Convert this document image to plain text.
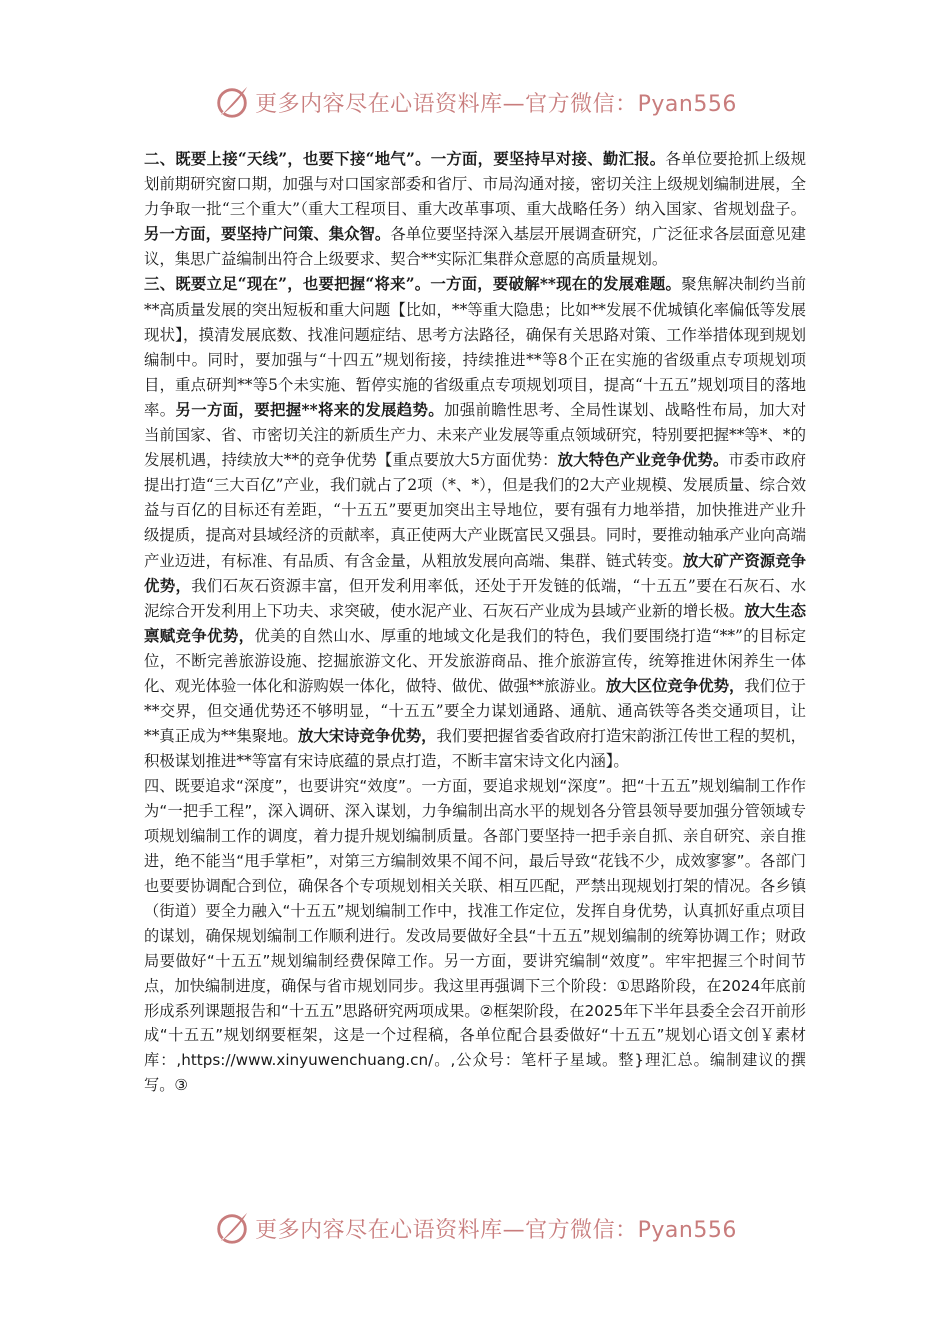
更多内容尽在心语资料库—官方微信：Pyan556

二、既要上接“天线”，也要下接“地气”。一方面，要坚持早对接、勤汇报。各单位要抢抓上级规划前期研究窗口期，加强与对口国家部委和省厅、市局沟通对接，密切关注上级规划编制进展，全力争取一批“三个重大”（重大工程项目、重大改革事项、重大战略任务）纳入国家、省规划盘子。另一方面，要坚持广问策、集众智。各单位要坚持深入基层开展调查研究，广泛征求各层面意见建议，集思广益编制出符合上级要求、契合**实际汇集群众意愿的高质量规划。

三、既要立足“现在”，也要把握“将来”。一方面，要破解**现在的发展难题。聚焦解决制约当前**高质量发展的突出短板和重大问题【比如，**等重大隐患；比如**发展不优城镇化率偏低等发展现状】，摸清发展底数、找准问题症结、思考方法路径，确保有关思路对策、工作举措体现到规划编制中。同时，要加强与“十四五”规划衔接，持续推进**等8个正在实施的省级重点专项规划项目，重点研判**等5个未实施、暂停实施的省级重点专项规划项目，提高“十五五”规划项目的落地率。另一方面，要把握**将来的发展趋势。加强前瞻性思考、全局性谋划、战略性布局，加大对当前国家、省、市密切关注的新质生产力、未来产业发展等重点领域研究，特别要把握**等*、*的发展机遇，持续放大**的竞争优势【重点要放大5方面优势：放大特色产业竞争优势。市委市政府提出打造“三大百亿”产业，我们就占了2项（*、*），但是我们的2大产业规模、发展质量、综合效益与百亿的目标还有差距，“十五五”要更加突出主导地位，要有强有力地举措，加快推进产业升级提质，提高对县域经济的贡献率，真正使两大产业既富民又强县。同时，要推动轴承产业向高端产业迈进，有标准、有品质、有含金量，从粗放发展向高端、集群、链式转变。放大矿产资源竞争优势，我们石灰石资源丰富，但开发利用率低，还处于开发链的低端，“十五五”要在石灰石、水泥综合开发利用上下功夫、求突破，使水泥产业、石灰石产业成为县域产业新的增长极。放大生态禀赋竞争优势，优美的自然山水、厚重的地域文化是我们的特色，我们要围绕打造“**”的目标定位，不断完善旅游设施、挖掘旅游文化、开发旅游商品、推介旅游宣传，统筹推进休闲养生一体化、观光体验一体化和游购娱一体化，做特、做优、做强**旅游业。放大区位竞争优势，我们位于**交界，但交通优势还不够明显，“十五五”要全力谋划通路、通航、通高铁等各类交通项目，让**真正成为**集聚地。放大宋诗竞争优势，我们要把握省委省政府打造宋韵浙江传世工程的契机，积极谋划推进**等富有宋诗底蕴的景点打造，不断丰富宋诗文化内涵】。

四、既要追求“深度”，也要讲究“效度”。一方面，要追求规划“深度”。把“十五五”规划编制工作作为“一把手工程”，深入调研、深入谋划，力争编制出高水平的规划各分管县领导要加强分管领域专项规划编制工作的调度，着力提升规划编制质量。各部门要坚持一把手亲自抓、亲自研究、亲自推进，绝不能当“甩手掌柜”，对第三方编制效果不闻不问，最后导致“花钱不少，成效寥寥”。各部门也要要协调配合到位，确保各个专项规划相关关联、相互匹配，严禁出现规划打架的情况。各乡镇（街道）要全力融入“十五五”规划编制工作中，找准工作定位，发挥自身优势，认真抓好重点项目的谋划，确保规划编制工作顺利进行。发改局要做好全县“十五五”规划编制的统筹协调工作；财政局要做好“十五五”规划编制经费保障工作。另一方面，要讲究编制“效度”。牢牢把握三个时间节点，加快编制进度，确保与省市规划同步。我这里再强调下三个阶段：①思路阶段，在2024年底前形成系列课题报告和“十五五”思路研究两项成果。②框架阶段，在2025年下半年县委全会召开前形成“十五五”规划纲要框架，这是一个过程稿，各单位配合县委做好“十五五”规划心语文创￥素材库：,https://www.xinyuwenchuang.cn/。,公众号：笔杆子星域。整}理汇总。编制建议的撰写。③

更多内容尽在心语资料库—官方微信：Pyan556
